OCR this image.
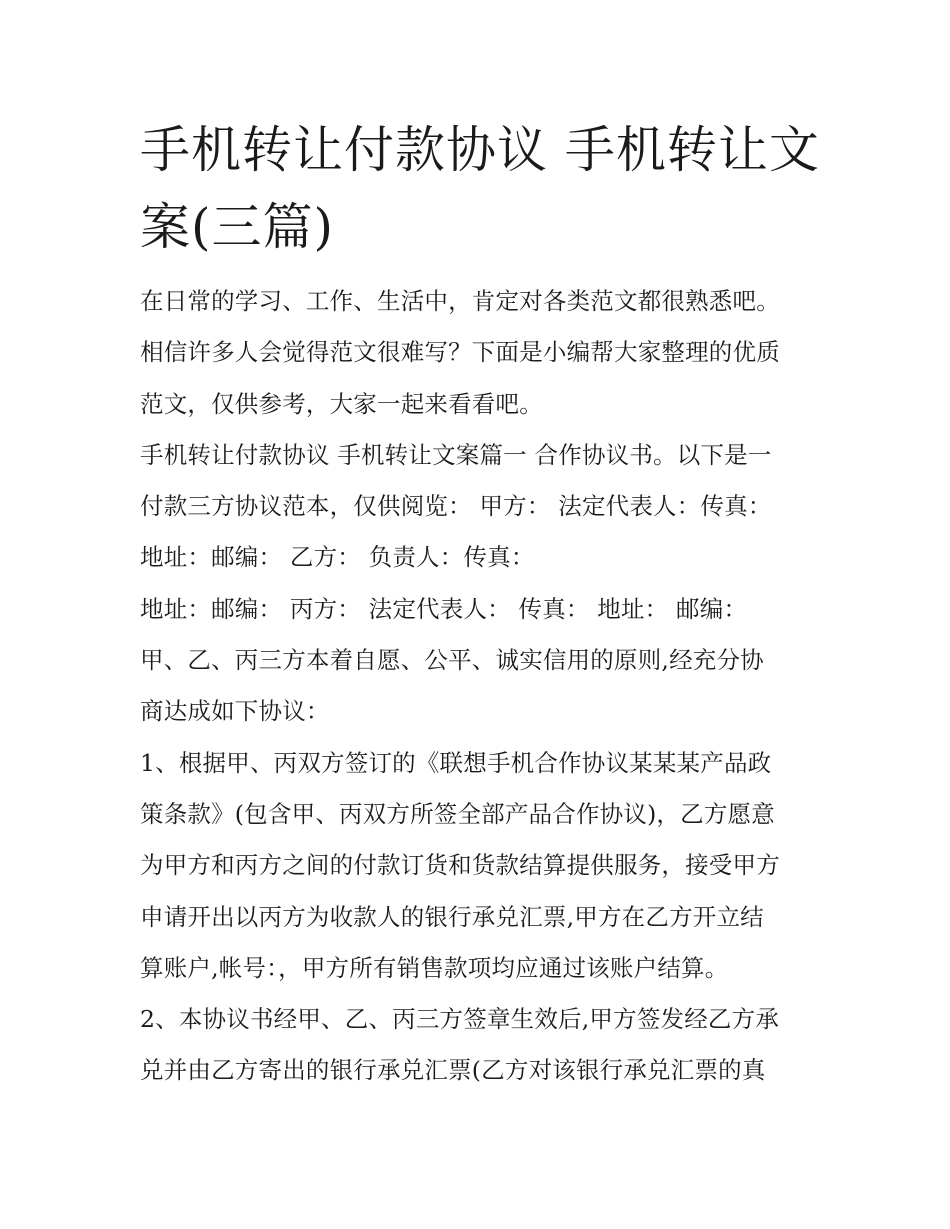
手机转让付款协议 手机转让文
案(三篇)
在日常的学习、工作、生活中，肯定对各类范文都很熟悉吧。
相信许多人会觉得范文很难写？下面是小编帮大家整理的优质
范文，仅供参考，大家一起来看看吧。
手机转让付款协议 手机转让文案篇一 合作协议书。以下是一
付款三方协议范本，仅供阅览： 甲方： 法定代表人：传真：
地址：邮编： 乙方： 负责人：传真：
地址：邮编： 丙方： 法定代表人： 传真： 地址： 邮编：
甲、乙、丙三方本着自愿、公平、诚实信用的原则,经充分协
商达成如下协议：
1、根据甲、丙双方签订的《联想手机合作协议某某某产品政
策条款》(包含甲、丙双方所签全部产品合作协议)，乙方愿意
为甲方和丙方之间的付款订货和货款结算提供服务，接受甲方
申请开出以丙方为收款人的银行承兑汇票,甲方在乙方开立结
算账户,帐号：，甲方所有销售款项均应通过该账户结算。
2、本协议书经甲、乙、丙三方签章生效后,甲方签发经乙方承
兑并由乙方寄出的银行承兑汇票(乙方对该银行承兑汇票的真
